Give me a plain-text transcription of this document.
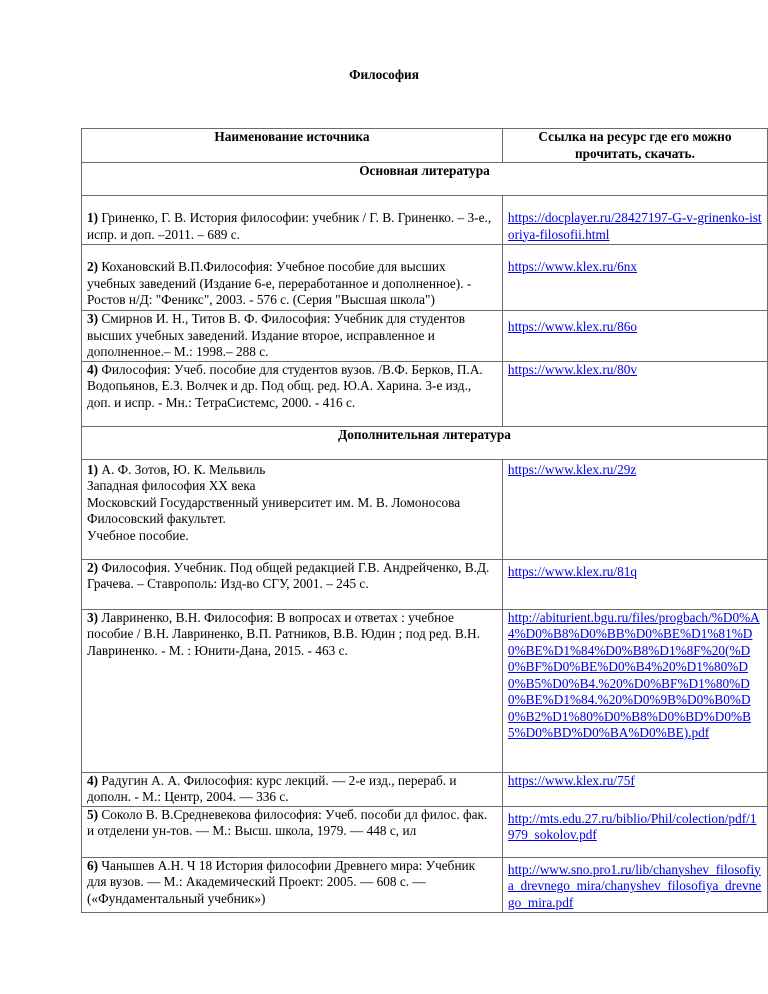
Философия
Наименование источника	Ссылка на ресурс где его можно прочитать, скачать.
Основная литература	
1) Гриненко, Г. В. История философии: учебник / Г. В. Гриненко. – 3-е., испр. и доп. –2011. – 689 с.	https://docplayer.ru/28427197-G-v-grinenko-istoriya-filosofii.html

2) Кохановский В.П.Философия: Учебное пособие для высших учебных заведений (Издание 6-е, переработанное и дополненное). - Ростов н/Д: "Феникс", 2003. - 576 с. (Серия "Высшая школа")	https://www.klex.ru/6nx

3) Смирнов И. Н., Титов В. Ф. Философия: Учебник для студентов высших учебных заведений. Издание второе, исправленное и дополненное.– М.: 1998.– 288 с.	https://www.klex.ru/86o

4) Философия: Учеб. пособие для студентов вузов. /В.Ф. Берков, П.А. Водопьянов, Е.З. Волчек и др. Под общ. ред. Ю.А. Харина. 3-е изд., доп. и испр. - Мн.: ТетраСистемс, 2000. - 416 с.	https://www.klex.ru/80v

Дополнительная литература	

1) А. Ф. Зотов, Ю. К. Мельвиль
Западная философия XX века
Московский Государственный университет им. М. В. Ломоносова
Филосовский факультет.
Учебное пособие.	https://www.klex.ru/29z

2) Философия. Учебник. Под общей редакцией Г.В. Андрейченко, В.Д. Грачева. – Ставрополь: Изд-во СГУ, 2001. – 245 с.	https://www.klex.ru/81q

3) Лавриненко, В.Н. Философия: В вопросах и ответах : учебное пособие / В.Н. Лавриненко, В.П. Ратников, В.В. Юдин ; под ред. В.Н. Лавриненко. - М. : Юнити-Дана, 2015. - 463 с.	http://abiturient.bgu.ru/files/progbach/%D0%A4%D0%B8%D0%BB%D0%BE%D1%81%D0%BE%D1%84%D0%B8%D1%8F%20(%D0%BF%D0%BE%D0%B4%20%D1%80%D0%B5%D0%B4.%20%D0%BF%D1%80%D0%BE%D1%84.%20%D0%9B%D0%B0%D0%B2%D1%80%D0%B8%D0%BD%D0%B5%D0%BD%D0%BA%D0%BE).pdf

4) Радугин А. А. Философия: курс лекций. — 2-е изд., перераб. и дополн. - М.: Центр, 2004. — 336 с.	https://www.klex.ru/75f

5) Соколо В. В.Средневекова философия: Учеб. пособи дл филос. фак. и отделени ун-тов. — М.: Высш. школа, 1979. — 448 с, ил	http://mts.edu.27.ru/biblio/Phil/colection/pdf/1979_sokolov.pdf

6) Чанышев А.Н. Ч 18 История философии Древнего мира: Учебник для вузов. — М.: Академический Проект: 2005. — 608 с. — («Фундаментальный учебник»)	http://www.sno.pro1.ru/lib/chanyshev_filosofiya_drevnego_mira/chanyshev_filosofiya_drevnego_mira.pdf
